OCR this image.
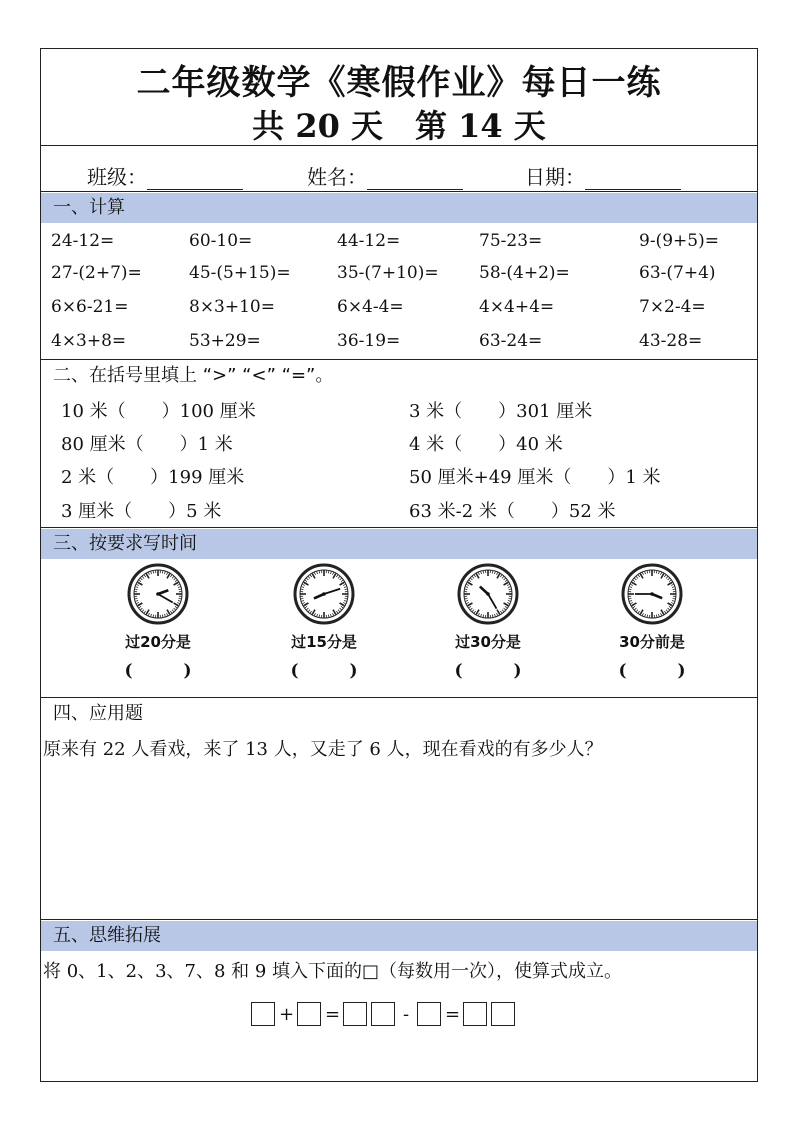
二年级数学《寒假作业》每日一练
共 20 天　第 14 天
班级：	姓名：	日期：
一、计算
24-12=	60-10=	44-12=	75-23=	9-(9+5)=
27-(2+7)=	45-(5+15)=	35-(7+10)= 58-(4+2)=	63-(7+4)
6×6-21=	8×3+10=	6×4-4=	4×4+4=	7×2-4=
4×3+8=	53+29=	36-19=	63-24=	43-28=
二、在括号里填上 “>” “<” “=”。
10 米（　　）100 厘米	3 米（　　）301 厘米
80 厘米（　　）1 米	4 米（　　）40 米
2 米（　　）199 厘米	50 厘米+49 厘米（　　）1 米
3 厘米（　　）5 米	63 米-2 米（　　）52 米
三、按要求写时间
过20分是
(　　　)
过15分是
(　　　)
过30分是
(　　　)
30分前是
(　　　)
四、应用题
原来有 22 人看戏，来了 13 人，又走了 6 人，现在看戏的有多少人？
五、思维拓展
将 0、1、2、3、7、8 和 9 填入下面的□（每数用一次），使算式成立。
+ =	- =
